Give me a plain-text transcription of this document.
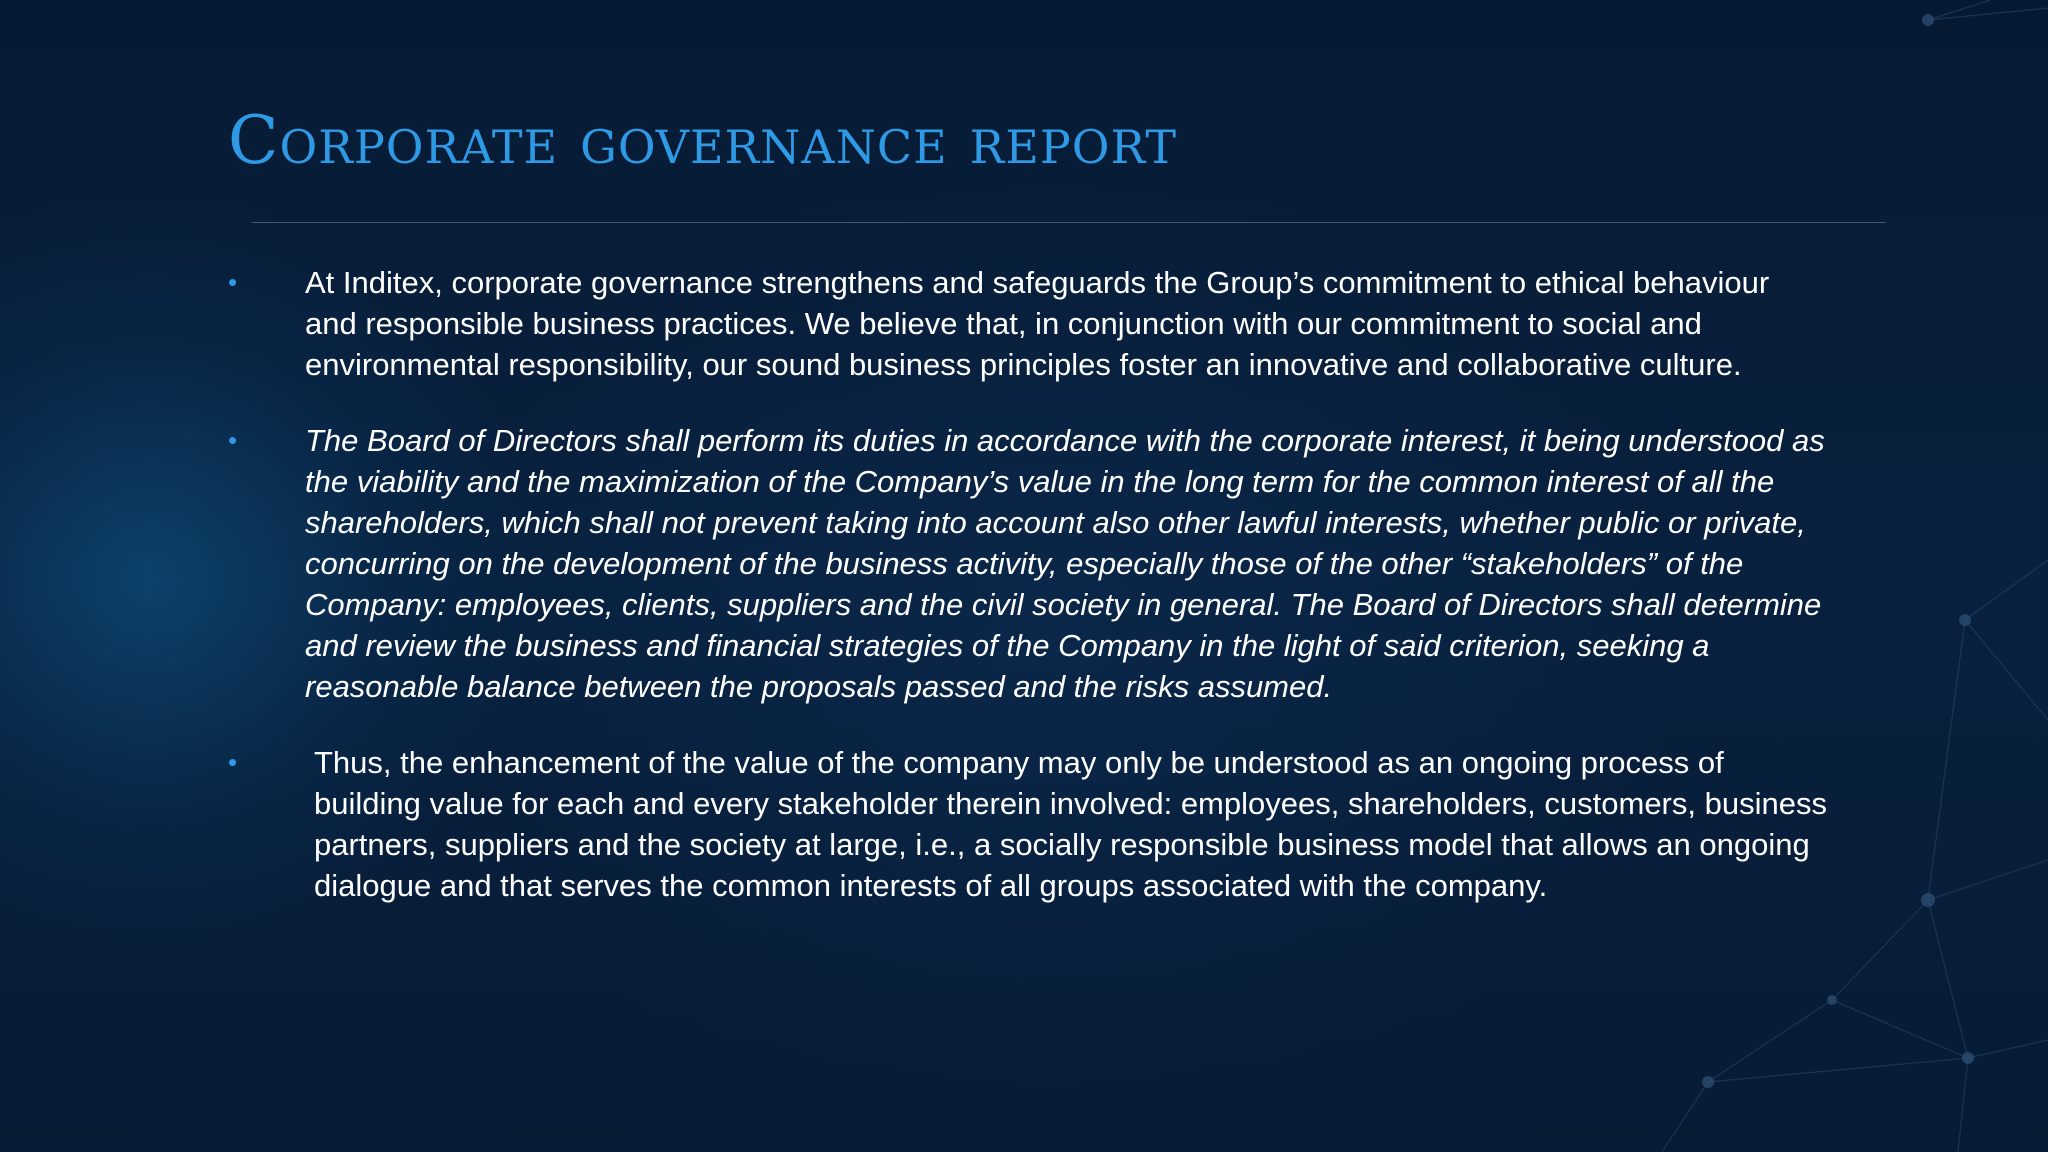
Corporate governance report
•	At Inditex, corporate governance strengthens and safeguards the Group’s commitment to ethical behaviour and responsible business practices. We believe that, in conjunction with our commitment to social and environmental responsibility, our sound business principles foster an innovative and collaborative culture.
•	The Board of Directors shall perform its duties in accordance with the corporate interest, it being understood as the viability and the maximization of the Company’s value in the long term for the common interest of all the shareholders, which shall not prevent taking into account also other lawful interests, whether public or private, concurring on the development of the business activity, especially those of the other “stakeholders” of the Company: employees, clients, suppliers and the civil society in general. The Board of Directors shall determine and review the business and financial strategies of the Company in the light of said criterion, seeking a reasonable balance between the proposals passed and the risks assumed.
•	Thus, the enhancement of the value of the company may only be understood as an ongoing process of building value for each and every stakeholder therein involved: employees, shareholders, customers, business partners, suppliers and the society at large, i.e., a socially responsible business model that allows an ongoing dialogue and that serves the common interests of all groups associated with the company.
